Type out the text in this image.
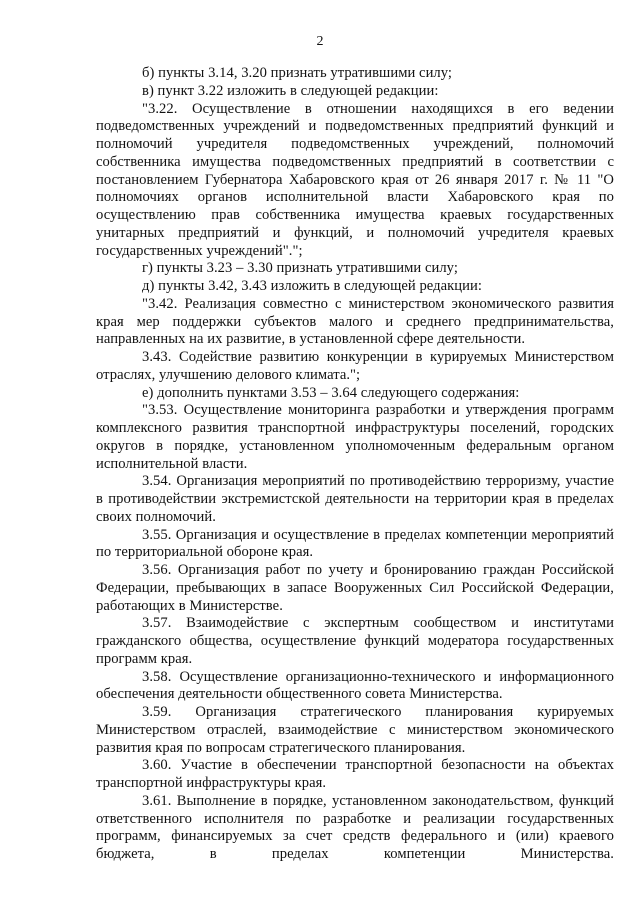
2

б) пункты 3.14, 3.20 признать утратившими силу;

в) пункт 3.22 изложить в следующей редакции:

"3.22. Осуществление в отношении находящихся в его ведении подведомственных учреждений и подведомственных предприятий функций и полномочий учредителя подведомственных учреждений, полномочий собственника имущества подведомственных предприятий в соответствии с постановлением Губернатора Хабаровского края от 26 января 2017 г. № 11 "О полномочиях органов исполнительной власти Хабаровского края по осуществлению прав собственника имущества краевых государственных унитарных предприятий и функций, и полномочий учредителя краевых государственных учреждений".";

г) пункты 3.23 – 3.30 признать утратившими силу;

д) пункты 3.42, 3.43 изложить в следующей редакции:

"3.42. Реализация совместно с министерством экономического развития края мер поддержки субъектов малого и среднего предпринимательства, направленных на их развитие, в установленной сфере деятельности.

3.43. Содействие развитию конкуренции в курируемых Министерством отраслях, улучшению делового климата.";

е) дополнить пунктами 3.53 – 3.64 следующего содержания:

"3.53. Осуществление мониторинга разработки и утверждения программ комплексного развития транспортной инфраструктуры поселений, городских округов в порядке, установленном уполномоченным федеральным органом исполнительной власти.

3.54. Организация мероприятий по противодействию терроризму, участие в противодействии экстремистской деятельности на территории края в пределах своих полномочий.

3.55. Организация и осуществление в пределах компетенции мероприятий по территориальной обороне края.

3.56. Организация работ по учету и бронированию граждан Российской Федерации, пребывающих в запасе Вооруженных Сил Российской Федерации, работающих в Министерстве.

3.57. Взаимодействие с экспертным сообществом и институтами гражданского общества, осуществление функций модератора государственных программ края.

3.58. Осуществление организационно-технического и информационного обеспечения деятельности общественного совета Министерства.

3.59. Организация стратегического планирования курируемых Министерством отраслей, взаимодействие с министерством экономического развития края по вопросам стратегического планирования.

3.60. Участие в обеспечении транспортной безопасности на объектах транспортной инфраструктуры края.

3.61. Выполнение в порядке, установленном законодательством, функций ответственного исполнителя по разработке и реализации государственных программ, финансируемых за счет средств федерального и (или) краевого бюджета, в пределах компетенции Министерства.
